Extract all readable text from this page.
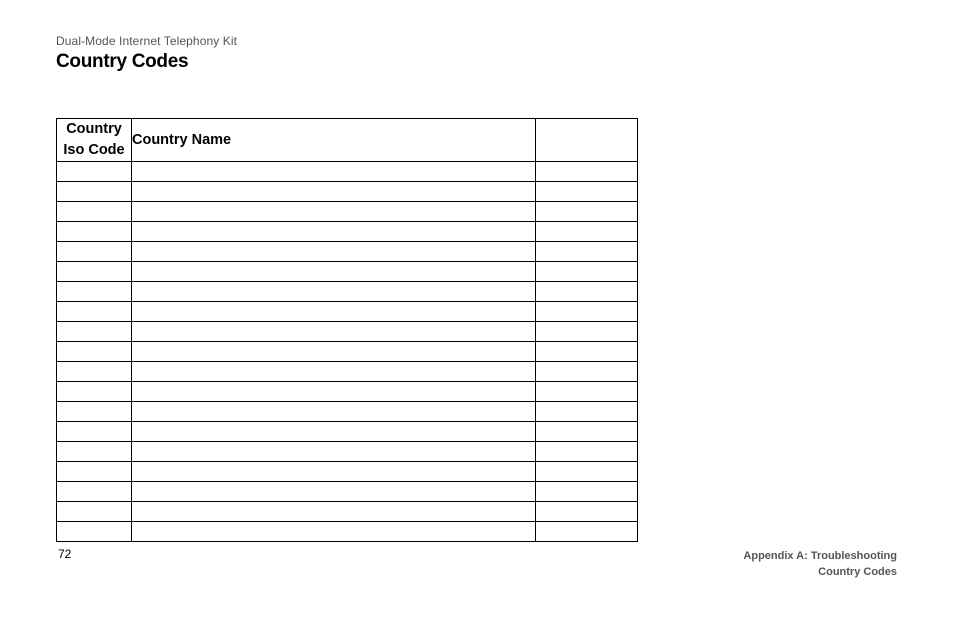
Dual-Mode Internet Telephony Kit
Country Codes
Country Iso Code	Country Name	

72	Appendix A: Troubleshooting
Country Codes
